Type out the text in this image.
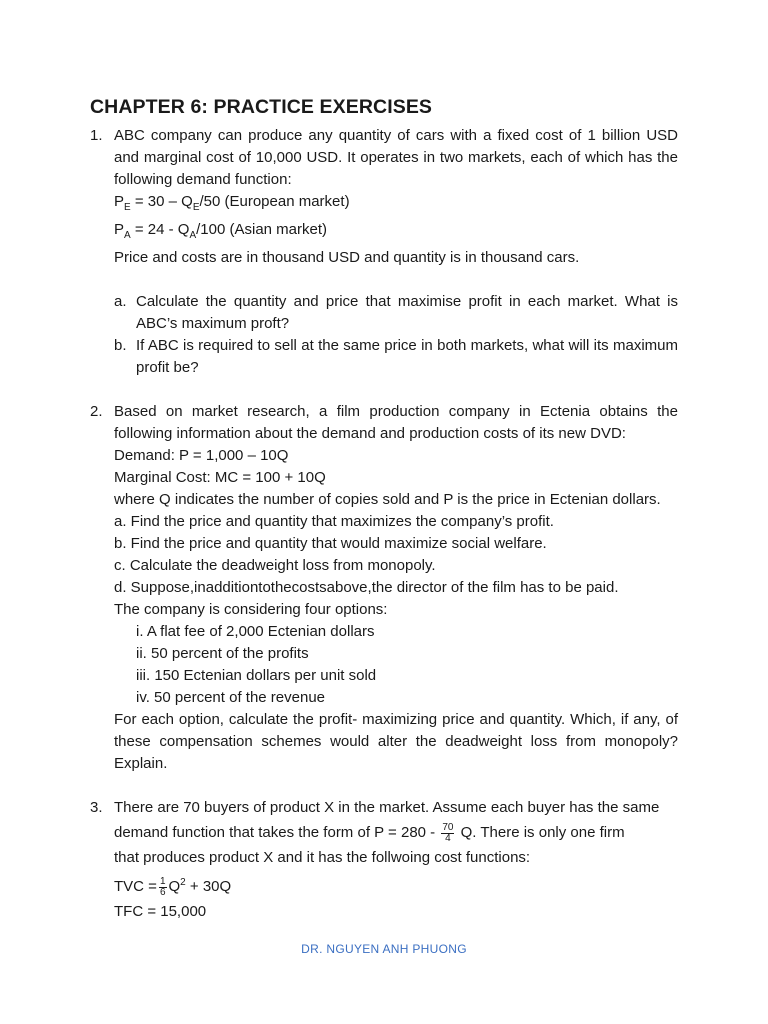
CHAPTER 6: PRACTICE EXERCISES
1. ABC company can produce any quantity of cars with a fixed cost of 1 billion USD and marginal cost of 10,000 USD. It operates in two markets, each of which has the following demand function:
$P_E = 30 - Q_E/50$ (European market)
$P_A = 24 - Q_A/100$ (Asian market)
Price and costs are in thousand USD and quantity is in thousand cars.
a. Calculate the quantity and price that maximise profit in each market. What is ABC’s maximum proft?
b. If ABC is required to sell at the same price in both markets, what will its maximum profit be?
2. Based on market research, a film production company in Ectenia obtains the following information about the demand and production costs of its new DVD:
Demand: P = 1,000 – 10Q
Marginal Cost: MC = 100 + 10Q
where Q indicates the number of copies sold and P is the price in Ectenian dollars.
a. Find the price and quantity that maximizes the company’s profit.
b. Find the price and quantity that would maximize social welfare.
c. Calculate the deadweight loss from monopoly.
d. Suppose,inadditiontothecostsabove,the director of the film has to be paid.
The company is considering four options:
i. A flat fee of 2,000 Ectenian dollars
ii. 50 percent of the profits
iii. 150 Ectenian dollars per unit sold
iv. 50 percent of the revenue
For each option, calculate the profit- maximizing price and quantity. Which, if any, of these compensation schemes would alter the deadweight loss from monopoly? Explain.
3. There are 70 buyers of product X in the market. Assume each buyer has the same
demand function that takes the form of $P = 280 - \frac{70}{4} Q$. There is only one firm
that produces product X and it has the follwoing cost functions:
TVC = $\frac{1}{6} Q^2 + 30Q$
TFC = 15,000
DR. NGUYEN ANH PHUONG
